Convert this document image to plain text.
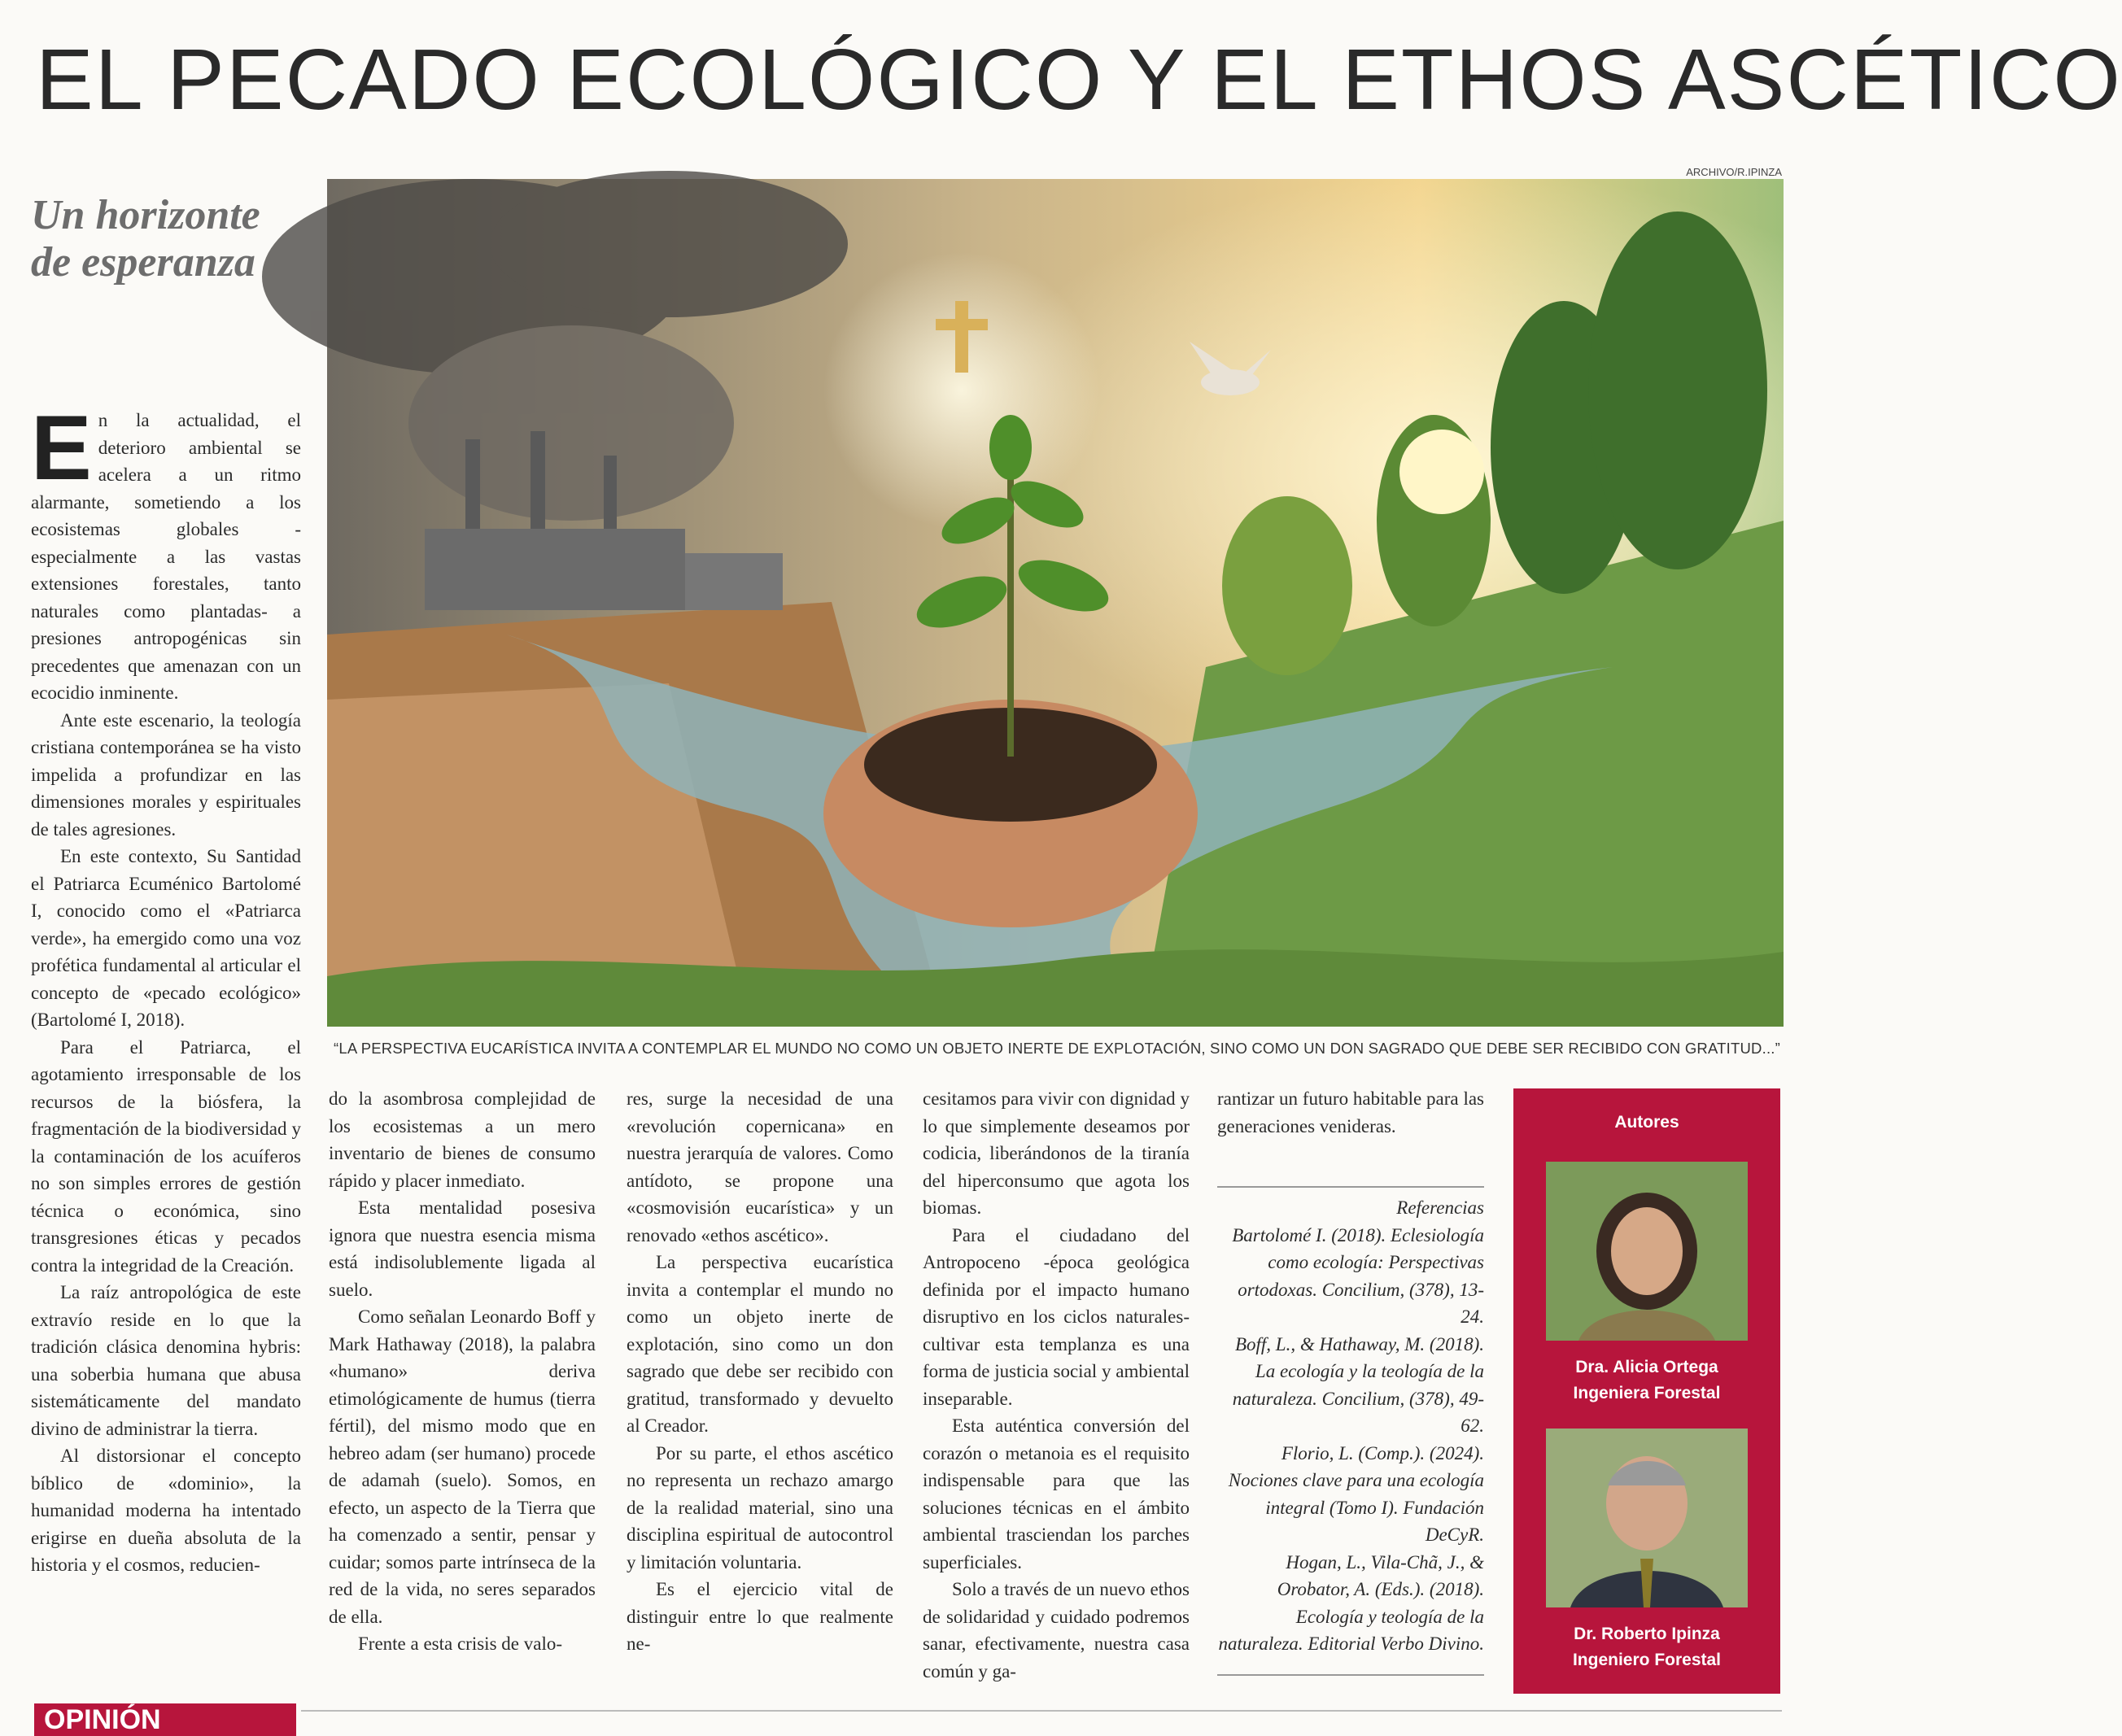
EL PECADO ECOLÓGICO Y EL ETHOS ASCÉTICO
Un horizonte de esperanza
ARCHIVO/R.IPINZA
“LA PERSPECTIVA EUCARÍSTICA INVITA A CONTEMPLAR EL MUNDO NO COMO UN OBJETO INERTE DE EXPLOTACIÓN, SINO COMO UN DON SAGRADO QUE DEBE SER RECIBIDO CON GRATITUD...”

En la actualidad, el deterioro ambiental se acelera a un ritmo alarmante, sometiendo a los ecosistemas globales -especialmente a las vastas extensiones forestales, tanto naturales como plantadas- a presiones antropogénicas sin precedentes que amenazan con un ecocidio inminente.

Ante este escenario, la teología cristiana contemporánea se ha visto impelida a profundizar en las dimensiones morales y espirituales de tales agresiones.

En este contexto, Su Santidad el Patriarca Ecuménico Bartolomé I, conocido como el «Patriarca verde», ha emergido como una voz profética fundamental al articular el concepto de «pecado ecológico» (Bartolomé I, 2018).

Para el Patriarca, el agotamiento irresponsable de los recursos de la biósfera, la fragmentación de la biodiversidad y la contaminación de los acuíferos no son simples errores de gestión técnica o económica, sino transgresiones éticas y pecados contra la integridad de la Creación.

La raíz antropológica de este extravío reside en lo que la tradición clásica denomina hybris: una soberbia humana que abusa sistemáticamente del mandato divino de administrar la tierra.

Al distorsionar el concepto bíblico de «dominio», la humanidad moderna ha intentado erigirse en dueña absoluta de la historia y el cosmos, reducien-

do la asombrosa complejidad de los ecosistemas a un mero inventario de bienes de consumo rápido y placer inmediato.

Esta mentalidad posesiva ignora que nuestra esencia misma está indisolublemente ligada al suelo.

Como señalan Leonardo Boff y Mark Hathaway (2018), la palabra «humano» deriva etimológicamente de humus (tierra fértil), del mismo modo que en hebreo adam (ser humano) procede de adamah (suelo). Somos, en efecto, un aspecto de la Tierra que ha comenzado a sentir, pensar y cuidar; somos parte intrínseca de la red de la vida, no seres separados de ella.

Frente a esta crisis de valo-

res, surge la necesidad de una «revolución copernicana» en nuestra jerarquía de valores. Como antídoto, se propone una «cosmovisión eucarística» y un renovado «ethos ascético».

La perspectiva eucarística invita a contemplar el mundo no como un objeto inerte de explotación, sino como un don sagrado que debe ser recibido con gratitud, transformado y devuelto al Creador.

Por su parte, el ethos ascético no representa un rechazo amargo de la realidad material, sino una disciplina espiritual de autocontrol y limitación voluntaria.

Es el ejercicio vital de distinguir entre lo que realmente ne-

cesitamos para vivir con dignidad y lo que simplemente deseamos por codicia, liberándonos de la tiranía del hiperconsumo que agota los biomas.

Para el ciudadano del Antropoceno -época geológica definida por el impacto humano disruptivo en los ciclos naturales- cultivar esta templanza es una forma de justicia social y ambiental inseparable.

Esta auténtica conversión del corazón o metanoia es el requisito indispensable para que las soluciones técnicas en el ámbito ambiental trasciendan los parches superficiales.

Solo a través de un nuevo ethos de solidaridad y cuidado podremos sanar, efectivamente, nuestra casa común y ga-

rantizar un futuro habitable para las generaciones venideras.

Referencias
Bartolomé I. (2018). Eclesiología como ecología: Perspectivas ortodoxas. Concilium, (378), 13-24.
Boff, L., & Hathaway, M. (2018). La ecología y la teología de la naturaleza. Concilium, (378), 49-62.
Florio, L. (Comp.). (2024). Nociones clave para una ecología integral (Tomo I). Fundación DeCyR.
Hogan, L., Vila-Chã, J., & Orobator, A. (Eds.). (2018). Ecología y teología de la naturaleza. Editorial Verbo Divino.
Autores
Dra. Alicia Ortega
Ingeniera Forestal
Dr. Roberto Ipinza
Ingeniero Forestal
OPINIÓN
